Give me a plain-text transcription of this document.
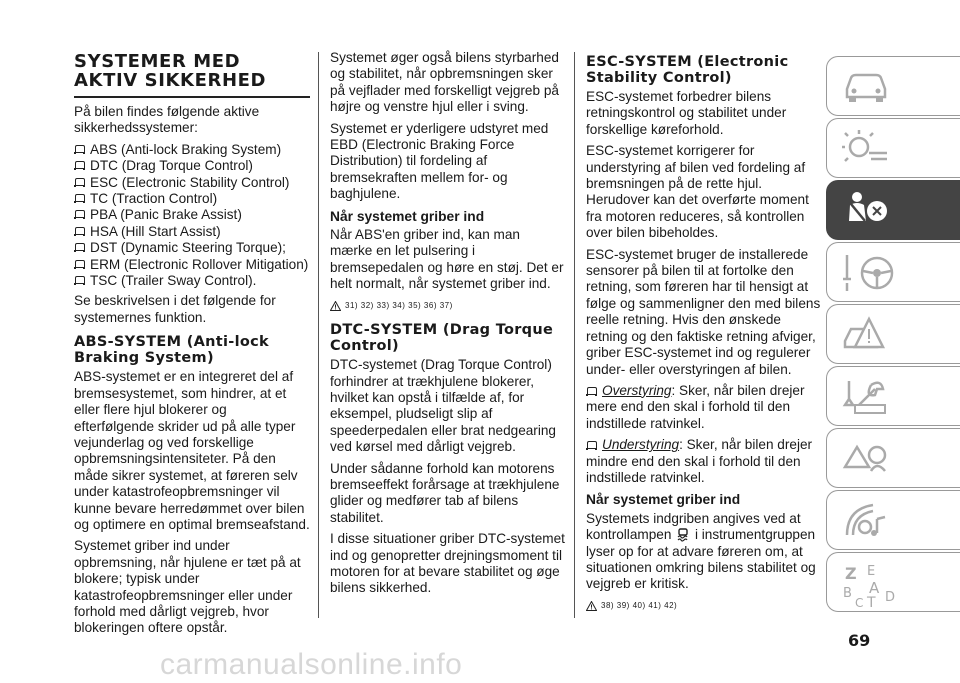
SYSTEMER MED AKTIV SIKKERHED

På bilen findes følgende aktive sikkerhedssystemer:

ABS (Anti-lock Braking System)
DTC (Drag Torque Control)
ESC (Electronic Stability Control)
TC (Traction Control)
PBA (Panic Brake Assist)
HSA (Hill Start Assist)
DST (Dynamic Steering Torque);
ERM (Electronic Rollover Mitigation)
TSC (Trailer Sway Control).

Se beskrivelsen i det følgende for systemernes funktion.

ABS-SYSTEM (Anti-lock Braking System)

ABS-systemet er en integreret del af bremsesystemet, som hindrer, at et eller flere hjul blokerer og efterfølgende skrider ud på alle typer vejunderlag og ved forskellige opbremsningsintensiteter. På den måde sikrer systemet, at føreren selv under katastrofeopbremsninger vil kunne bevare herredømmet over bilen og optimere en optimal bremseafstand.

Systemet griber ind under opbremsning, når hjulene er tæt på at blokere; typisk under katastrofeopbremsninger eller under forhold med dårligt vejgreb, hvor blokeringen oftere opstår.

Systemet øger også bilens styrbarhed og stabilitet, når opbremsningen sker på vejflader med forskelligt vejgreb på højre og venstre hjul eller i sving.

Systemet er yderligere udstyret med EBD (Electronic Braking Force Distribution) til fordeling af bremsekraften mellem for- og baghjulene.

Når systemet griber ind

Når ABS'en griber ind, kan man mærke en let pulsering i bremsepedalen og høre en støj. Det er helt normalt, når systemet griber ind.

31) 32) 33) 34) 35) 36) 37)
DTC-SYSTEM (Drag Torque Control)

DTC-systemet (Drag Torque Control) forhindrer at trækhjulene blokerer, hvilket kan opstå i tilfælde af, for eksempel, pludseligt slip af speederpedalen eller brat nedgearing ved kørsel med dårligt vejgreb.

Under sådanne forhold kan motorens bremseeffekt forårsage at trækhjulene glider og medfører tab af bilens stabilitet.

I disse situationer griber DTC-systemet ind og genopretter drejningsmoment til motoren for at bevare stabilitet og øge bilens sikkerhed.

ESC-SYSTEM (Electronic Stability Control)

ESC-systemet forbedrer bilens retningskontrol og stabilitet under forskellige køreforhold.

ESC-systemet korrigerer for understyring af bilen ved fordeling af bremsningen på de rette hjul. Herudover kan det overførte moment fra motoren reduceres, så kontrollen over bilen bibeholdes.

ESC-systemet bruger de installerede sensorer på bilen til at fortolke den retning, som føreren har til hensigt at følge og sammenligner den med bilens reelle retning. Hvis den ønskede retning og den faktiske retning afviger, griber ESC-systemet ind og regulerer under- eller overstyringen af bilen.

Overstyring: Sker, når bilen drejer mere end den skal i forhold til den indstillede ratvinkel.

Understyring: Sker, når bilen drejer mindre end den skal i forhold til den indstillede ratvinkel.

Når systemet griber ind

Systemets indgriben angives ved at kontrollampen  i instrumentgruppen lyser op for at advare føreren om, at situationen omkring bilens stabilitet og vejgreb er kritisk.

38) 39) 40) 41) 42)
Z E
B A
D
C T
69
carmanualsonline.info
